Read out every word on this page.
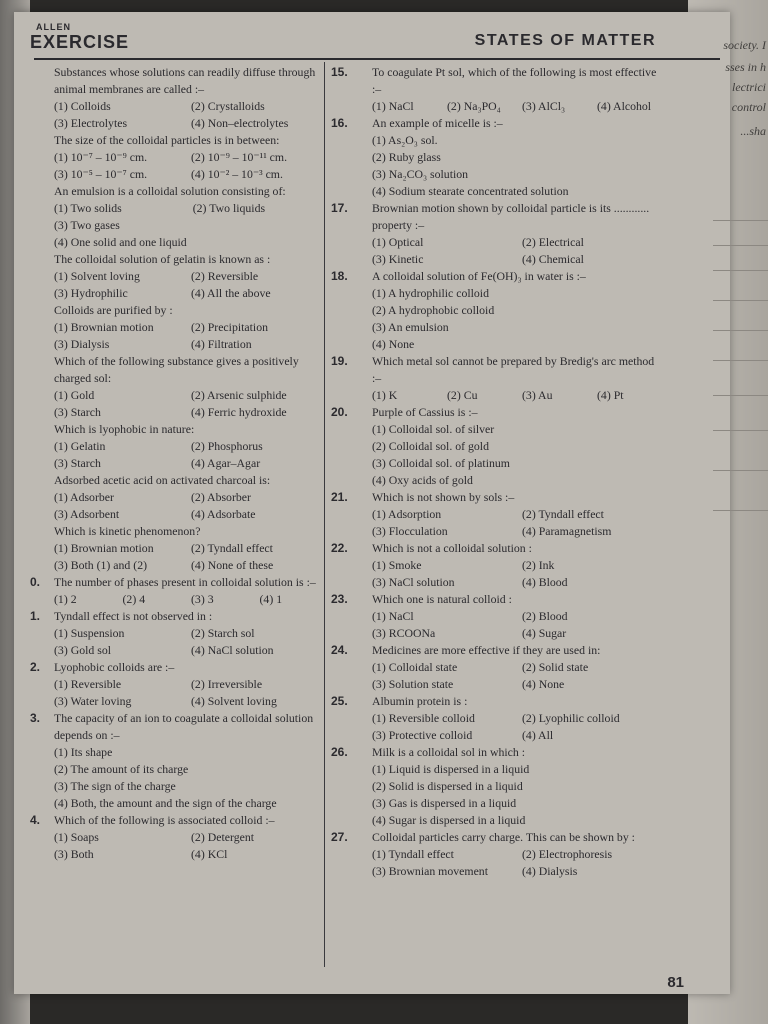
ALLEN
EXERCISE	STATES OF MATTER
Substances whose solutions can readily diffuse through animal membranes are called :–
(1) Colloids	(2) Crystalloids
(3) Electrolytes	(4) Non–electrolytes
The size of the colloidal particles is in between:
(1) 10⁻⁷ – 10⁻⁹ cm.	(2) 10⁻⁹ – 10⁻¹¹ cm.
(3) 10⁻⁵ – 10⁻⁷ cm.	(4) 10⁻² – 10⁻³ cm.
An emulsion is a colloidal solution consisting of:
(1) Two solids	(2) Two liquids
(3) Two gases
(4) One solid and one liquid
The colloidal solution of gelatin is known as :
(1) Solvent loving	(2) Reversible
(3) Hydrophilic	(4) All the above
Colloids are purified by :
(1) Brownian motion	(2) Precipitation
(3) Dialysis	(4) Filtration
Which of the following substance gives a positively charged sol:
(1) Gold	(2) Arsenic sulphide
(3) Starch	(4) Ferric hydroxide
Which is lyophobic in nature:
(1) Gelatin	(2) Phosphorus
(3) Starch	(4) Agar–Agar
Adsorbed acetic acid on activated charcoal is:
(1) Adsorber	(2) Absorber
(3) Adsorbent	(4) Adsorbate
Which is kinetic phenomenon?
(1) Brownian motion	(2) Tyndall effect
(3) Both (1) and (2)	(4) None of these
0. The number of phases present in colloidal solution is :–
(1) 2	(2) 4	(3) 3	(4) 1
1. Tyndall effect is not observed in :
(1) Suspension	(2) Starch sol
(3) Gold sol	(4) NaCl solution
2. Lyophobic colloids are :–
(1) Reversible	(2) Irreversible
(3) Water loving	(4) Solvent loving
3. The capacity of an ion to coagulate a colloidal solution depends on :–
(1) Its shape
(2) The amount of its charge
(3) The sign of the charge
(4) Both, the amount and the sign of the charge
4. Which of the following is associated colloid :–
(1) Soaps	(2) Detergent
(3) Both	(4) KCl
15. To coagulate Pt sol, which of the following is most effective :–
(1) NaCl	(2) Na₃PO₄	(3) AlCl₃	(4) Alcohol
16. An example of micelle is :–
(1) As₂O₃ sol.
(2) Ruby glass
(3) Na₂CO₃ solution
(4) Sodium stearate concentrated solution
17. Brownian motion shown by colloidal particle is its ............ property :–
(1) Optical	(2) Electrical
(3) Kinetic	(4) Chemical
18. A colloidal solution of Fe(OH)₃ in water is :–
(1) A hydrophilic colloid
(2) A hydrophobic colloid
(3) An emulsion
(4) None
19. Which metal sol cannot be prepared by Bredig's arc method :–
(1) K	(2) Cu	(3) Au	(4) Pt
20. Purple of Cassius is :–
(1) Colloidal sol. of silver
(2) Colloidal sol. of gold
(3) Colloidal sol. of platinum
(4) Oxy acids of gold
21. Which is not shown by sols :–
(1) Adsorption	(2) Tyndall effect
(3) Flocculation	(4) Paramagnetism
22. Which is not a colloidal solution :
(1) Smoke	(2) Ink
(3) NaCl solution	(4) Blood
23. Which one is natural colloid :
(1) NaCl	(2) Blood
(3) RCOONa	(4) Sugar
24. Medicines are more effective if they are used in:
(1) Colloidal state	(2) Solid state
(3) Solution state	(4) None
25. Albumin protein is :
(1) Reversible colloid	(2) Lyophilic colloid
(3) Protective colloid	(4) All
26. Milk is a colloidal sol in which :
(1) Liquid is dispersed in a liquid
(2) Solid is dispersed in a liquid
(3) Gas is dispersed in a liquid
(4) Sugar is dispersed in a liquid
27. Colloidal particles carry charge. This can be shown by :
(1) Tyndall effect	(2) Electrophoresis
(3) Brownian movement	(4) Dialysis
81
society. I
sses in h
lectrici
control
...sha
